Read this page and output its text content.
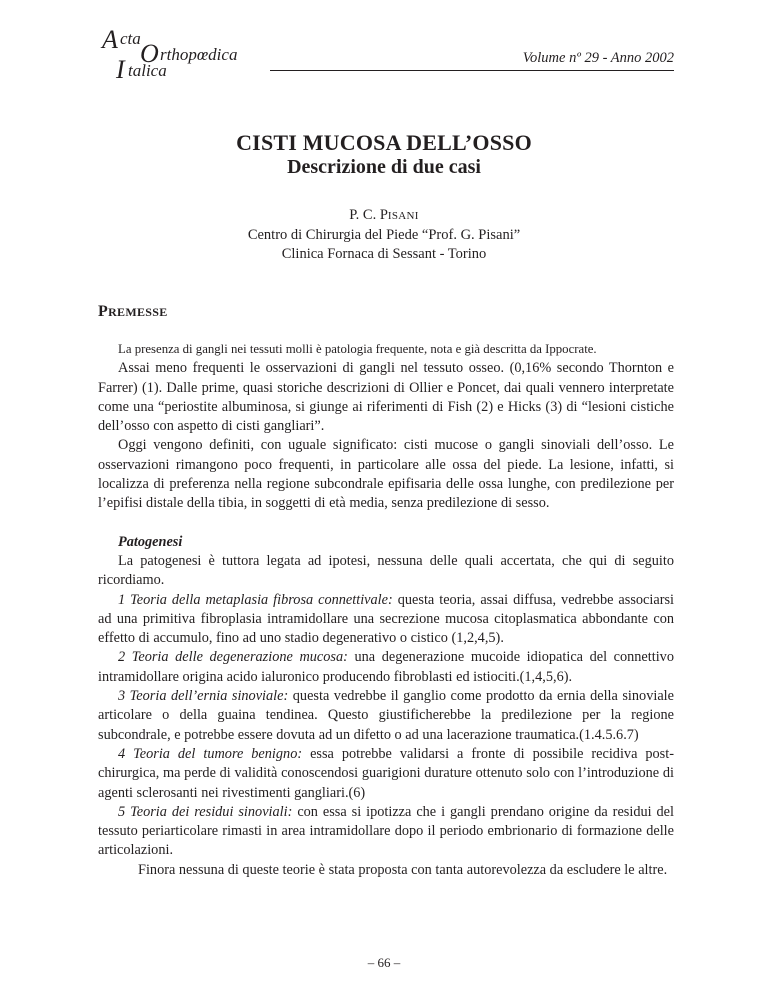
A cta
O rthopœdica
I talica
Volume nº 29 - Anno 2002
CISTI MUCOSA DELL’OSSO
Descrizione di due casi
P. C. PISANI
Centro di Chirurgia del Piede “Prof. G. Pisani”
Clinica Fornaca di Sessant - Torino
PREMESSE

La presenza di gangli nei tessuti molli è patologia frequente, nota e già descritta da Ippocrate.

Assai meno frequenti le osservazioni di gangli nel tessuto osseo. (0,16% secondo Thornton e Farrer) (1). Dalle prime, quasi storiche descrizioni di Ollier e Poncet, dai quali vennero interpretate come una “periostite albuminosa, si giunge ai riferimenti di Fish (2) e Hicks (3) di “lesioni cistiche dell’osso con aspetto di cisti gangliari”.

Oggi vengono definiti, con uguale significato: cisti mucose o gangli sinoviali dell’osso. Le osservazioni rimangono poco frequenti, in particolare alle ossa del piede. La lesione, infatti, si localizza di preferenza nella regione subcondrale epifisaria delle ossa lunghe, con predilezione per l’epifisi distale della tibia, in soggetti di età media, senza predilezione di sesso.

Patogenesi

La patogenesi è tuttora legata ad ipotesi, nessuna delle quali accertata, che qui di seguito ricordiamo.

1 Teoria della metaplasia fibrosa connettivale: questa teoria, assai diffusa, vedrebbe associarsi ad una primitiva fibroplasia intramidollare una secrezione mucosa citoplasmatica abbondante con effetto di accumulo, fino ad uno stadio degenerativo o cistico (1,2,4,5).

2 Teoria delle degenerazione mucosa: una degenerazione mucoide idiopatica del connettivo intramidollare origina acido ialuronico producendo fibroblasti ed istiociti.(1,4,5,6).

3 Teoria dell’ernia sinoviale: questa vedrebbe il ganglio come prodotto da ernia della sinoviale articolare o della guaina tendinea. Questo giustificherebbe la predilezione per la regione subcondrale, e potrebbe essere dovuta ad un difetto o ad una lacerazione traumatica.(1.4.5.6.7)

4 Teoria del tumore benigno: essa potrebbe validarsi a fronte di possibile recidiva post-chirurgica, ma perde di validità conoscendosi guarigioni durature ottenuto solo con l’introduzione di agenti sclerosanti nei rivestimenti gangliari.(6)

5 Teoria dei residui sinoviali: con essa si ipotizza che i gangli prendano origine da residui del tessuto periarticolare rimasti in area intramidollare dopo il periodo embrionario di formazione delle articolazioni.

Finora nessuna di queste teorie è stata proposta con tanta autorevolezza da escludere le altre.

– 66 –
